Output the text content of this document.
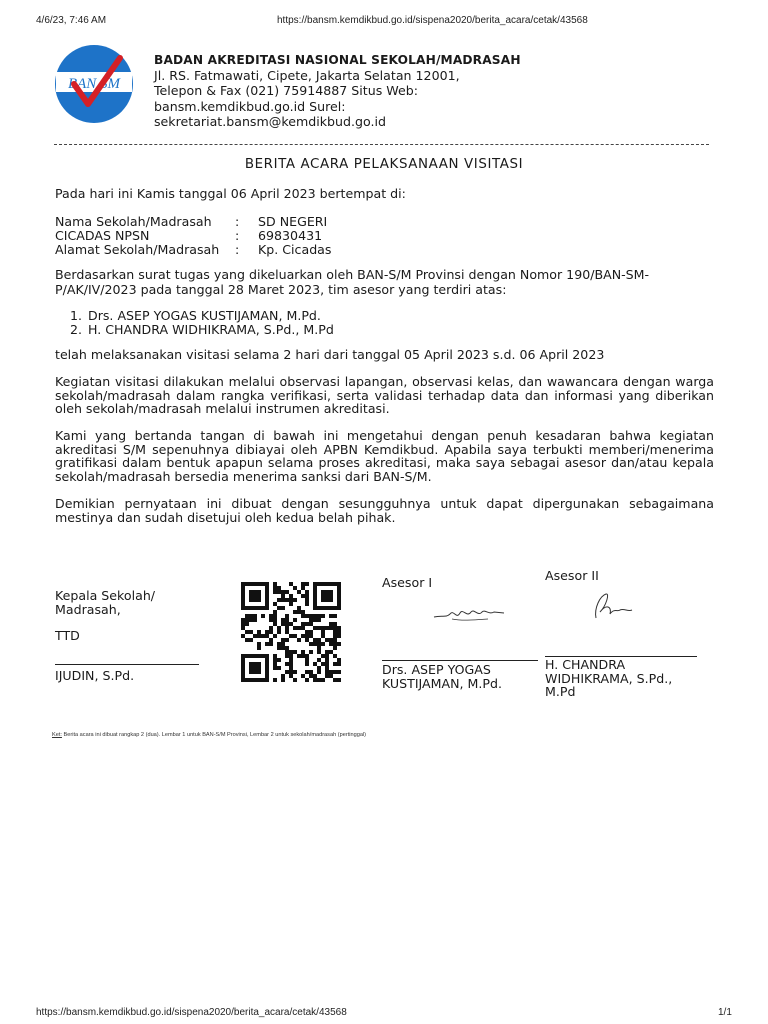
4/6/23, 7:46 AM	https://bansm.kemdikbud.go.id/sispena2020/berita_acara/cetak/43568
BAN SM
BADAN AKREDITASI NASIONAL SEKOLAH/MADRASAH
Jl. RS. Fatmawati, Cipete, Jakarta Selatan 12001,
Telepon & Fax (021) 75914887 Situs Web:
bansm.kemdikbud.go.id Surel:
sekretariat.bansm@kemdikbud.go.id
BERITA ACARA PELAKSANAAN VISITASI
Pada hari ini Kamis tanggal 06 April 2023 bertempat di:
Nama Sekolah/Madrasah : SD NEGERI
CICADAS NPSN	: 69830431
Alamat Sekolah/Madrasah : Kp. Cicadas
Berdasarkan surat tugas yang dikeluarkan oleh BAN-S/M Provinsi dengan Nomor 190/BAN-SM-
P/AK/IV/2023 pada tanggal 28 Maret 2023, tim asesor yang terdiri atas:
1. Drs. ASEP YOGAS KUSTIJAMAN, M.Pd.
2. H. CHANDRA WIDHIKRAMA, S.Pd., M.Pd
telah melaksanakan visitasi selama 2 hari dari tanggal 05 April 2023 s.d. 06 April 2023
Kegiatan visitasi dilakukan melalui observasi lapangan, observasi kelas, dan wawancara dengan warga sekolah/madrasah dalam rangka verifikasi, serta validasi terhadap data dan informasi yang diberikan oleh sekolah/madrasah melalui instrumen akreditasi.
Kami yang bertanda tangan di bawah ini mengetahui dengan penuh kesadaran bahwa kegiatan akreditasi S/M sepenuhnya dibiayai oleh APBN Kemdikbud. Apabila saya terbukti memberi/menerima gratifikasi dalam bentuk apapun selama proses akreditasi, maka saya sebagai asesor dan/atau kepala sekolah/madrasah bersedia menerima sanksi dari BAN-S/M.
Demikian pernyataan ini dibuat dengan sesungguhnya untuk dapat dipergunakan sebagaimana mestinya dan sudah disetujui oleh kedua belah pihak.
Kepala Sekolah/
Madrasah,
TTD
IJUDIN, S.Pd.
Asesor I
Drs. ASEP YOGAS
KUSTIJAMAN, M.Pd.
Asesor II
H. CHANDRA
WIDHIKRAMA, S.Pd.,
M.Pd
Ket: Berita acara ini dibuat rangkap 2 (dua). Lembar 1 untuk BAN-S/M Provinsi, Lembar 2 untuk sekolah/madrasah (pertinggal)
https://bansm.kemdikbud.go.id/sispena2020/berita_acara/cetak/43568	1/1
